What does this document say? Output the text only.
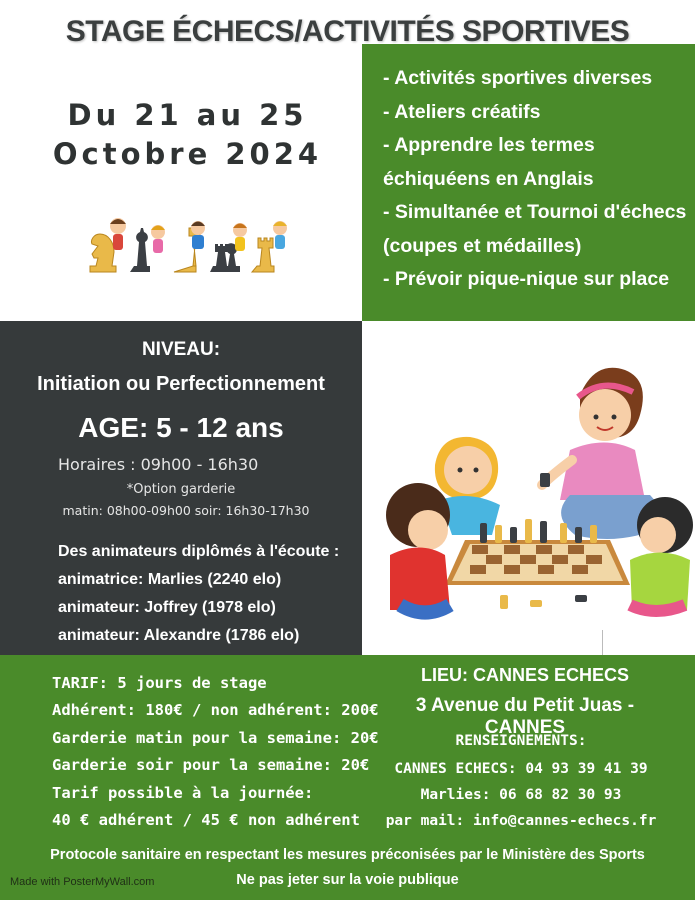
STAGE ÉCHECS/ACTIVITÉS SPORTIVES
Du 21 au 25
Octobre 2024
- Activités sportives diverses
- Ateliers créatifs
- Apprendre les termes
échiquéens en Anglais
- Simultanée et Tournoi d'échecs
(coupes et médailles)
- Prévoir pique-nique sur place
NIVEAU:
Initiation ou Perfectionnement
AGE: 5 - 12 ans
Horaires : 09h00 - 16h30
*Option garderie
matin: 08h00-09h00 soir: 16h30-17h30
Des animateurs diplômés à l'écoute :
animatrice: Marlies (2240 elo)
animateur: Joffrey (1978 elo)
animateur: Alexandre (1786 elo)
TARIF: 5 jours de stage
Adhérent: 180€ / non adhérent: 200€
Garderie matin pour la semaine: 20€
Garderie soir pour la semaine: 20€
Tarif possible à la journée:
40 € adhérent / 45 € non adhérent
LIEU: CANNES ECHECS
3 Avenue du Petit Juas - CANNES
RENSEIGNEMENTS:
CANNES ECHECS: 04 93 39 41 39
Marlies: 06 68 82 30 93
par mail: info@cannes-echecs.fr
Protocole sanitaire en respectant les mesures préconisées par le Ministère des Sports
Ne pas jeter sur la voie publique
Made with PosterMyWall.com
